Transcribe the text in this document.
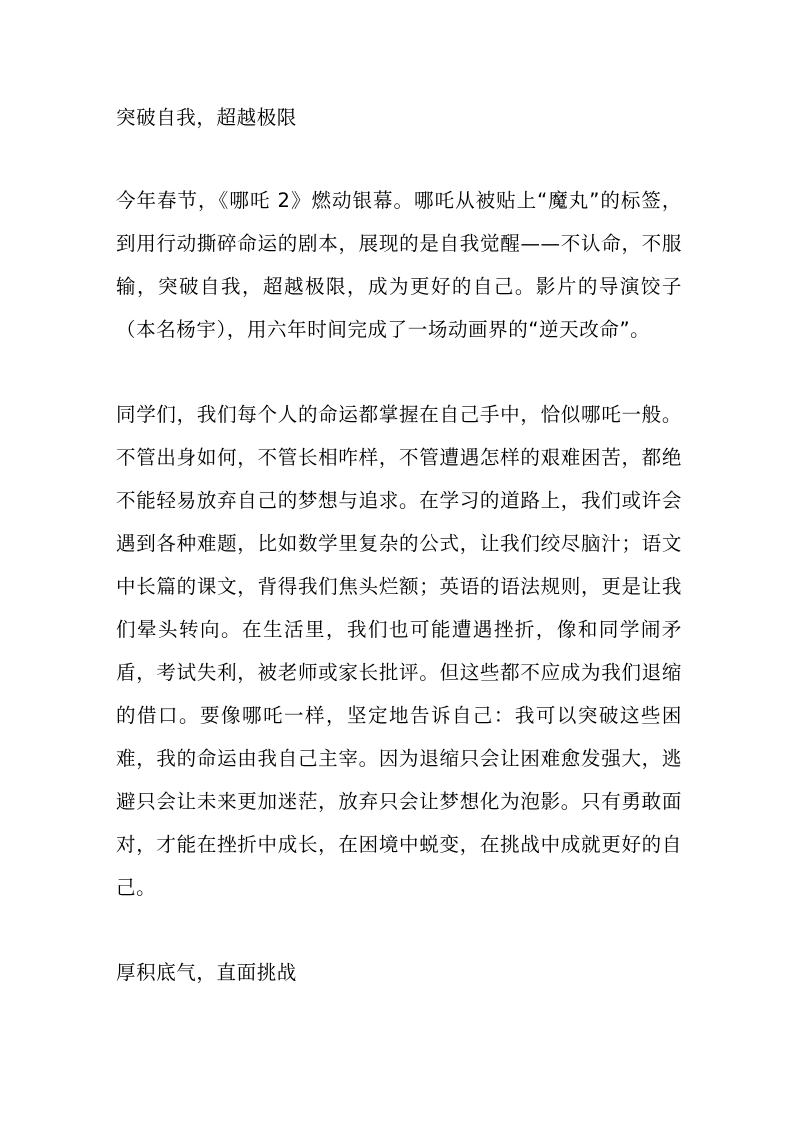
突破自我，超越极限

今年春节，《哪吒 2》燃动银幕。哪吒从被贴上“魔丸”的标签，到用行动撕碎命运的剧本，展现的是自我觉醒——不认命，不服输，突破自我，超越极限，成为更好的自己。影片的导演饺子（本名杨宇），用六年时间完成了一场动画界的“逆天改命”。

同学们，我们每个人的命运都掌握在自己手中，恰似哪吒一般。不管出身如何，不管长相咋样，不管遭遇怎样的艰难困苦，都绝不能轻易放弃自己的梦想与追求。在学习的道路上，我们或许会遇到各种难题，比如数学里复杂的公式，让我们绞尽脑汁；语文中长篇的课文，背得我们焦头烂额；英语的语法规则，更是让我们晕头转向。在生活里，我们也可能遭遇挫折，像和同学闹矛盾，考试失利，被老师或家长批评。但这些都不应成为我们退缩的借口。要像哪吒一样，坚定地告诉自己：我可以突破这些困难，我的命运由我自己主宰。因为退缩只会让困难愈发强大，逃避只会让未来更加迷茫，放弃只会让梦想化为泡影。只有勇敢面对，才能在挫折中成长，在困境中蜕变，在挑战中成就更好的自己。

厚积底气，直面挑战
